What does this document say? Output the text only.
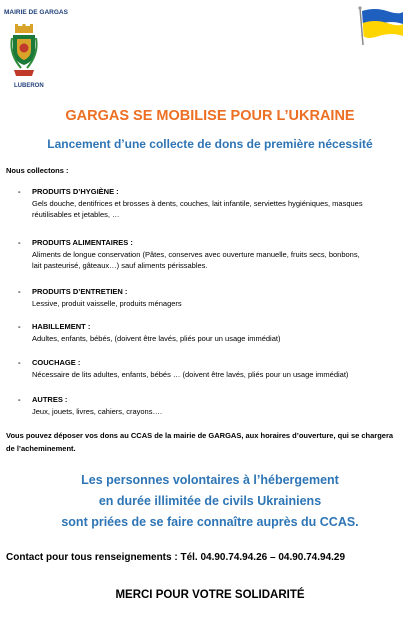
MAIRIE DE GARGAS
LUBERON
GARGAS SE MOBILISE POUR L’UKRAINE
Lancement d’une collecte de dons de première nécessité
Nous collectons :
- PRODUITS D’HYGIÈNE :
Gels douche, dentifrices et brosses à dents, couches, lait infantile, serviettes hygiéniques, masques
réutilisables et jetables, …
- PRODUITS ALIMENTAIRES :
Aliments de longue conservation (Pâtes, conserves avec ouverture manuelle, fruits secs, bonbons,
lait pasteurisé, gâteaux…) sauf aliments périssables.
- PRODUITS D’ENTRETIEN :
Lessive, produit vaisselle, produits ménagers
- HABILLEMENT :
Adultes, enfants, bébés, (doivent être lavés, pliés pour un usage immédiat)
- COUCHAGE :
Nécessaire de lits adultes, enfants, bébés … (doivent être lavés, pliés pour un usage immédiat)
- AUTRES :
Jeux, jouets, livres, cahiers, crayons….
Vous pouvez déposer vos dons au CCAS de la mairie de GARGAS, aux horaires d’ouverture, qui se chargera
de l’acheminement.
Les personnes volontaires à l’hébergement
en durée illimitée de civils Ukrainiens
sont priées de se faire connaître auprès du CCAS.
Contact pour tous renseignements : Tél. 04.90.74.94.26 – 04.90.74.94.29
MERCI POUR VOTRE SOLIDARITÉ
